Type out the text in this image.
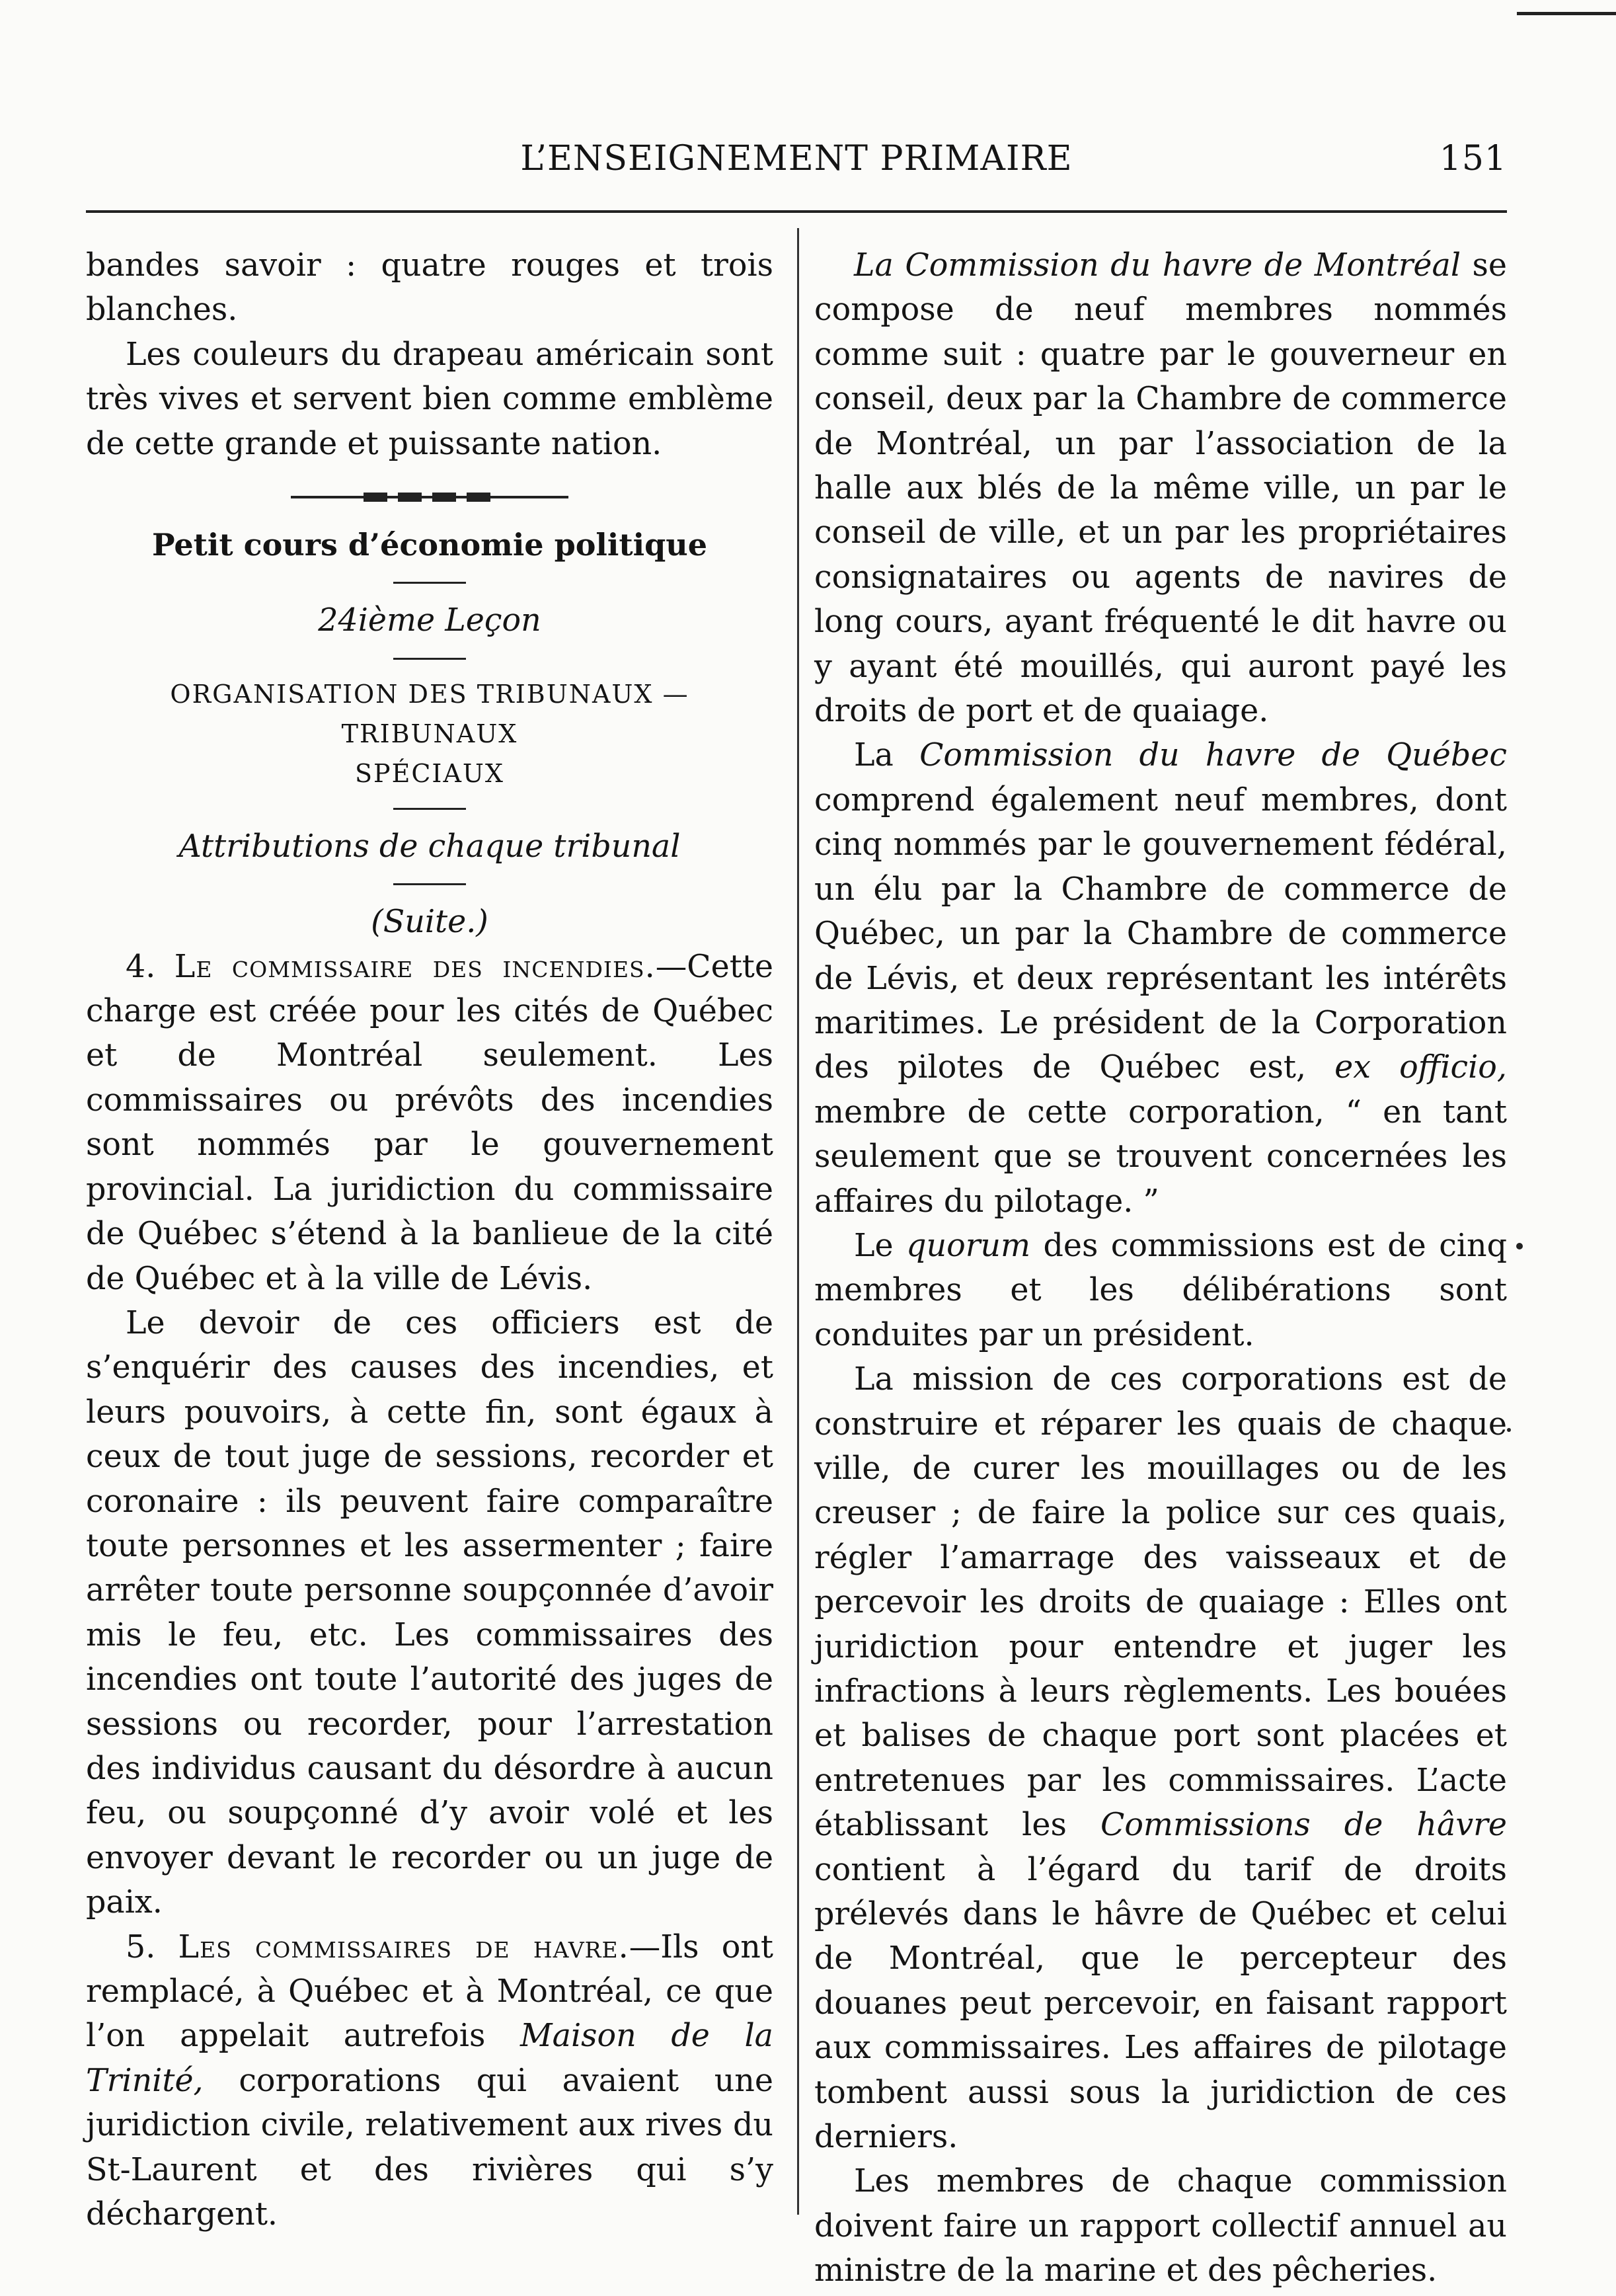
L’ENSEIGNEMENT PRIMAIRE	151

bandes savoir : quatre rouges et trois blanches.

Les couleurs du drapeau américain sont très vives et servent bien comme emblème de cette grande et puissante nation.

Petit cours d’économie politique

24ième Leçon

ORGANISATION DES TRIBUNAUX — TRIBUNAUX
SPÉCIAUX

Attributions de chaque tribunal

(Suite.)

4. Le commissaire des incendies.—Cette charge est créée pour les cités de Québec et de Montréal seulement. Les commissaires ou prévôts des incendies sont nommés par le gouvernement provincial. La juridiction du commissaire de Québec s’étend à la banlieue de la cité de Québec et à la ville de Lévis.

Le devoir de ces officiers est de s’enquérir des causes des incendies, et leurs pouvoirs, à cette fin, sont égaux à ceux de tout juge de sessions, recorder et coronaire : ils peuvent faire comparaître toute personnes et les assermenter ; faire arrêter toute personne soupçonnée d’avoir mis le feu, etc. Les commissaires des incendies ont toute l’autorité des juges de sessions ou recorder, pour l’arrestation des individus causant du désordre à aucun feu, ou soupçonné d’y avoir volé et les envoyer devant le recorder ou un juge de paix.

5. Les commissaires de havre.—Ils ont remplacé, à Québec et à Montréal, ce que l’on appelait autrefois Maison de la Trinité, corporations qui avaient une juridiction civile, relativement aux rives du St-Laurent et des rivières qui s’y déchargent.

La Commission du havre de Montréal se compose de neuf membres nommés comme suit : quatre par le gouverneur en conseil, deux par la Chambre de commerce de Montréal, un par l’association de la halle aux blés de la même ville, un par le conseil de ville, et un par les propriétaires consignataires ou agents de navires de long cours, ayant fréquenté le dit havre ou y ayant été mouillés, qui auront payé les droits de port et de quaiage.

La Commission du havre de Québec comprend également neuf membres, dont cinq nommés par le gouvernement fédéral, un élu par la Chambre de commerce de Québec, un par la Chambre de commerce de Lévis, et deux représentant les intérêts maritimes. Le président de la Corporation des pilotes de Québec est, ex officio, membre de cette corporation, “ en tant seulement que se trouvent concernées les affaires du pilotage. ”

Le quorum des commissions est de cinq membres et les délibérations sont conduites par un président.

La mission de ces corporations est de construire et réparer les quais de chaque ville, de curer les mouillages ou de les creuser ; de faire la police sur ces quais, régler l’amarrage des vaisseaux et de percevoir les droits de quaiage : Elles ont juridiction pour entendre et juger les infractions à leurs règlements. Les bouées et balises de chaque port sont placées et entretenues par les commissaires. L’acte établissant les Commissions de hâvre contient à l’égard du tarif de droits prélevés dans le hâvre de Québec et celui de Montréal, que le percepteur des douanes peut percevoir, en faisant rapport aux commissaires. Les affaires de pilotage tombent aussi sous la juridiction de ces derniers.

Les membres de chaque commission doivent faire un rapport collectif annuel au ministre de la marine et des pêcheries.
